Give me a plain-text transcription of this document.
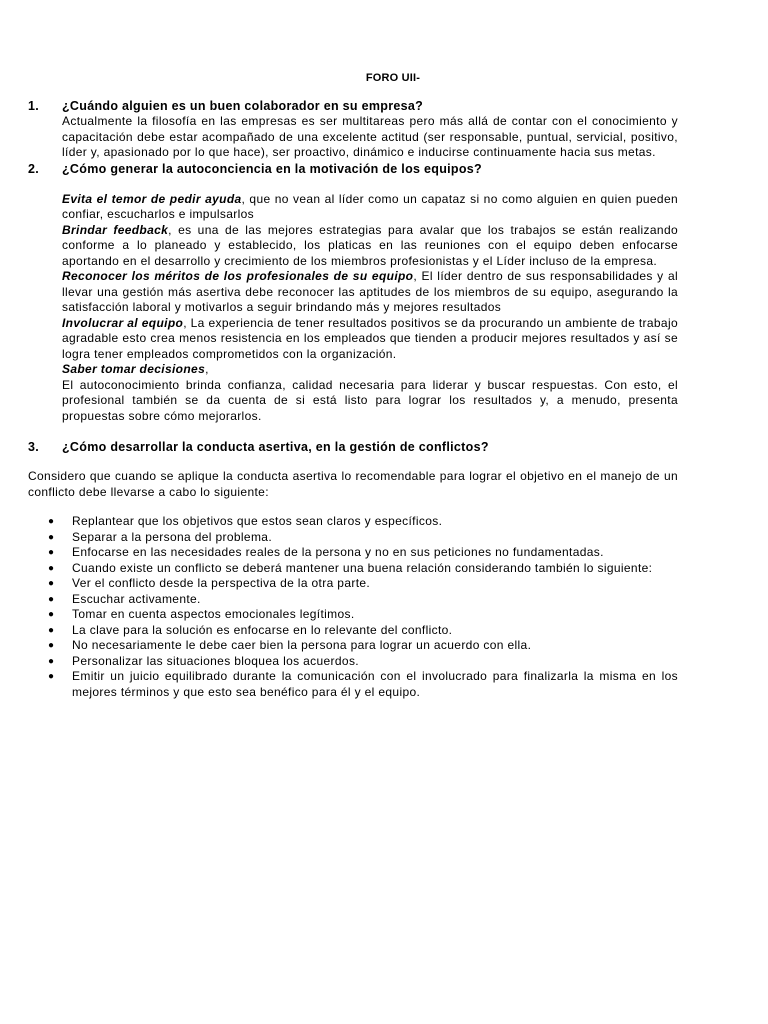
FORO UII-
1.	¿Cuándo alguien es un buen colaborador en su empresa?

Actualmente la filosofía en las empresas es ser multitareas pero más allá de contar con el conocimiento y capacitación debe estar acompañado de una excelente actitud (ser responsable, puntual, servicial, positivo, líder y, apasionado por lo que hace), ser proactivo, dinámico e inducirse continuamente hacia sus metas.

2.	¿Cómo generar la autoconciencia en la motivación de los equipos?

Evita el temor de pedir ayuda, que no vean al líder como un capataz si no como alguien en quien pueden confiar, escucharlos e impulsarlos

Brindar feedback, es una de las mejores estrategias para avalar que los trabajos se están realizando conforme a lo planeado y establecido, los platicas en las reuniones con el equipo deben enfocarse aportando en el desarrollo y crecimiento de los miembros profesionistas y el Líder incluso de la empresa.

Reconocer los méritos de los profesionales de su equipo, El líder dentro de sus responsabilidades y al llevar una gestión más asertiva debe reconocer las aptitudes de los miembros de su equipo, asegurando la satisfacción laboral y motivarlos a seguir brindando más y mejores resultados

Involucrar al equipo, La experiencia de tener resultados positivos se da procurando un ambiente de trabajo agradable esto crea menos resistencia en los empleados que tienden a producir mejores resultados y así se logra tener empleados comprometidos con la organización.

Saber tomar decisiones,

El autoconocimiento brinda confianza, calidad necesaria para liderar y buscar respuestas. Con esto, el profesional también se da cuenta de si está listo para lograr los resultados y, a menudo, presenta propuestas sobre cómo mejorarlos.

3.	¿Cómo desarrollar la conducta asertiva, en la gestión de conflictos?

Considero que cuando se aplique la conducta asertiva lo recomendable para lograr el objetivo en el manejo de un conflicto debe llevarse a cabo lo siguiente:

●	Replantear que los objetivos que estos sean claros y específicos.
●	Separar a la persona del problema.
●	Enfocarse en las necesidades reales de la persona y no en sus peticiones no fundamentadas.
●	Cuando existe un conflicto se deberá mantener una buena relación considerando también lo siguiente:
●	Ver el conflicto desde la perspectiva de la otra parte.
●	Escuchar activamente.
●	Tomar en cuenta aspectos emocionales legítimos.
●	La clave para la solución es enfocarse en lo relevante del conflicto.
●	No necesariamente le debe caer bien la persona para lograr un acuerdo con ella.
●	Personalizar las situaciones bloquea los acuerdos.
●	Emitir un juicio equilibrado durante la comunicación con el involucrado para finalizarla la misma en los mejores términos y que esto sea benéfico para él y el equipo.
